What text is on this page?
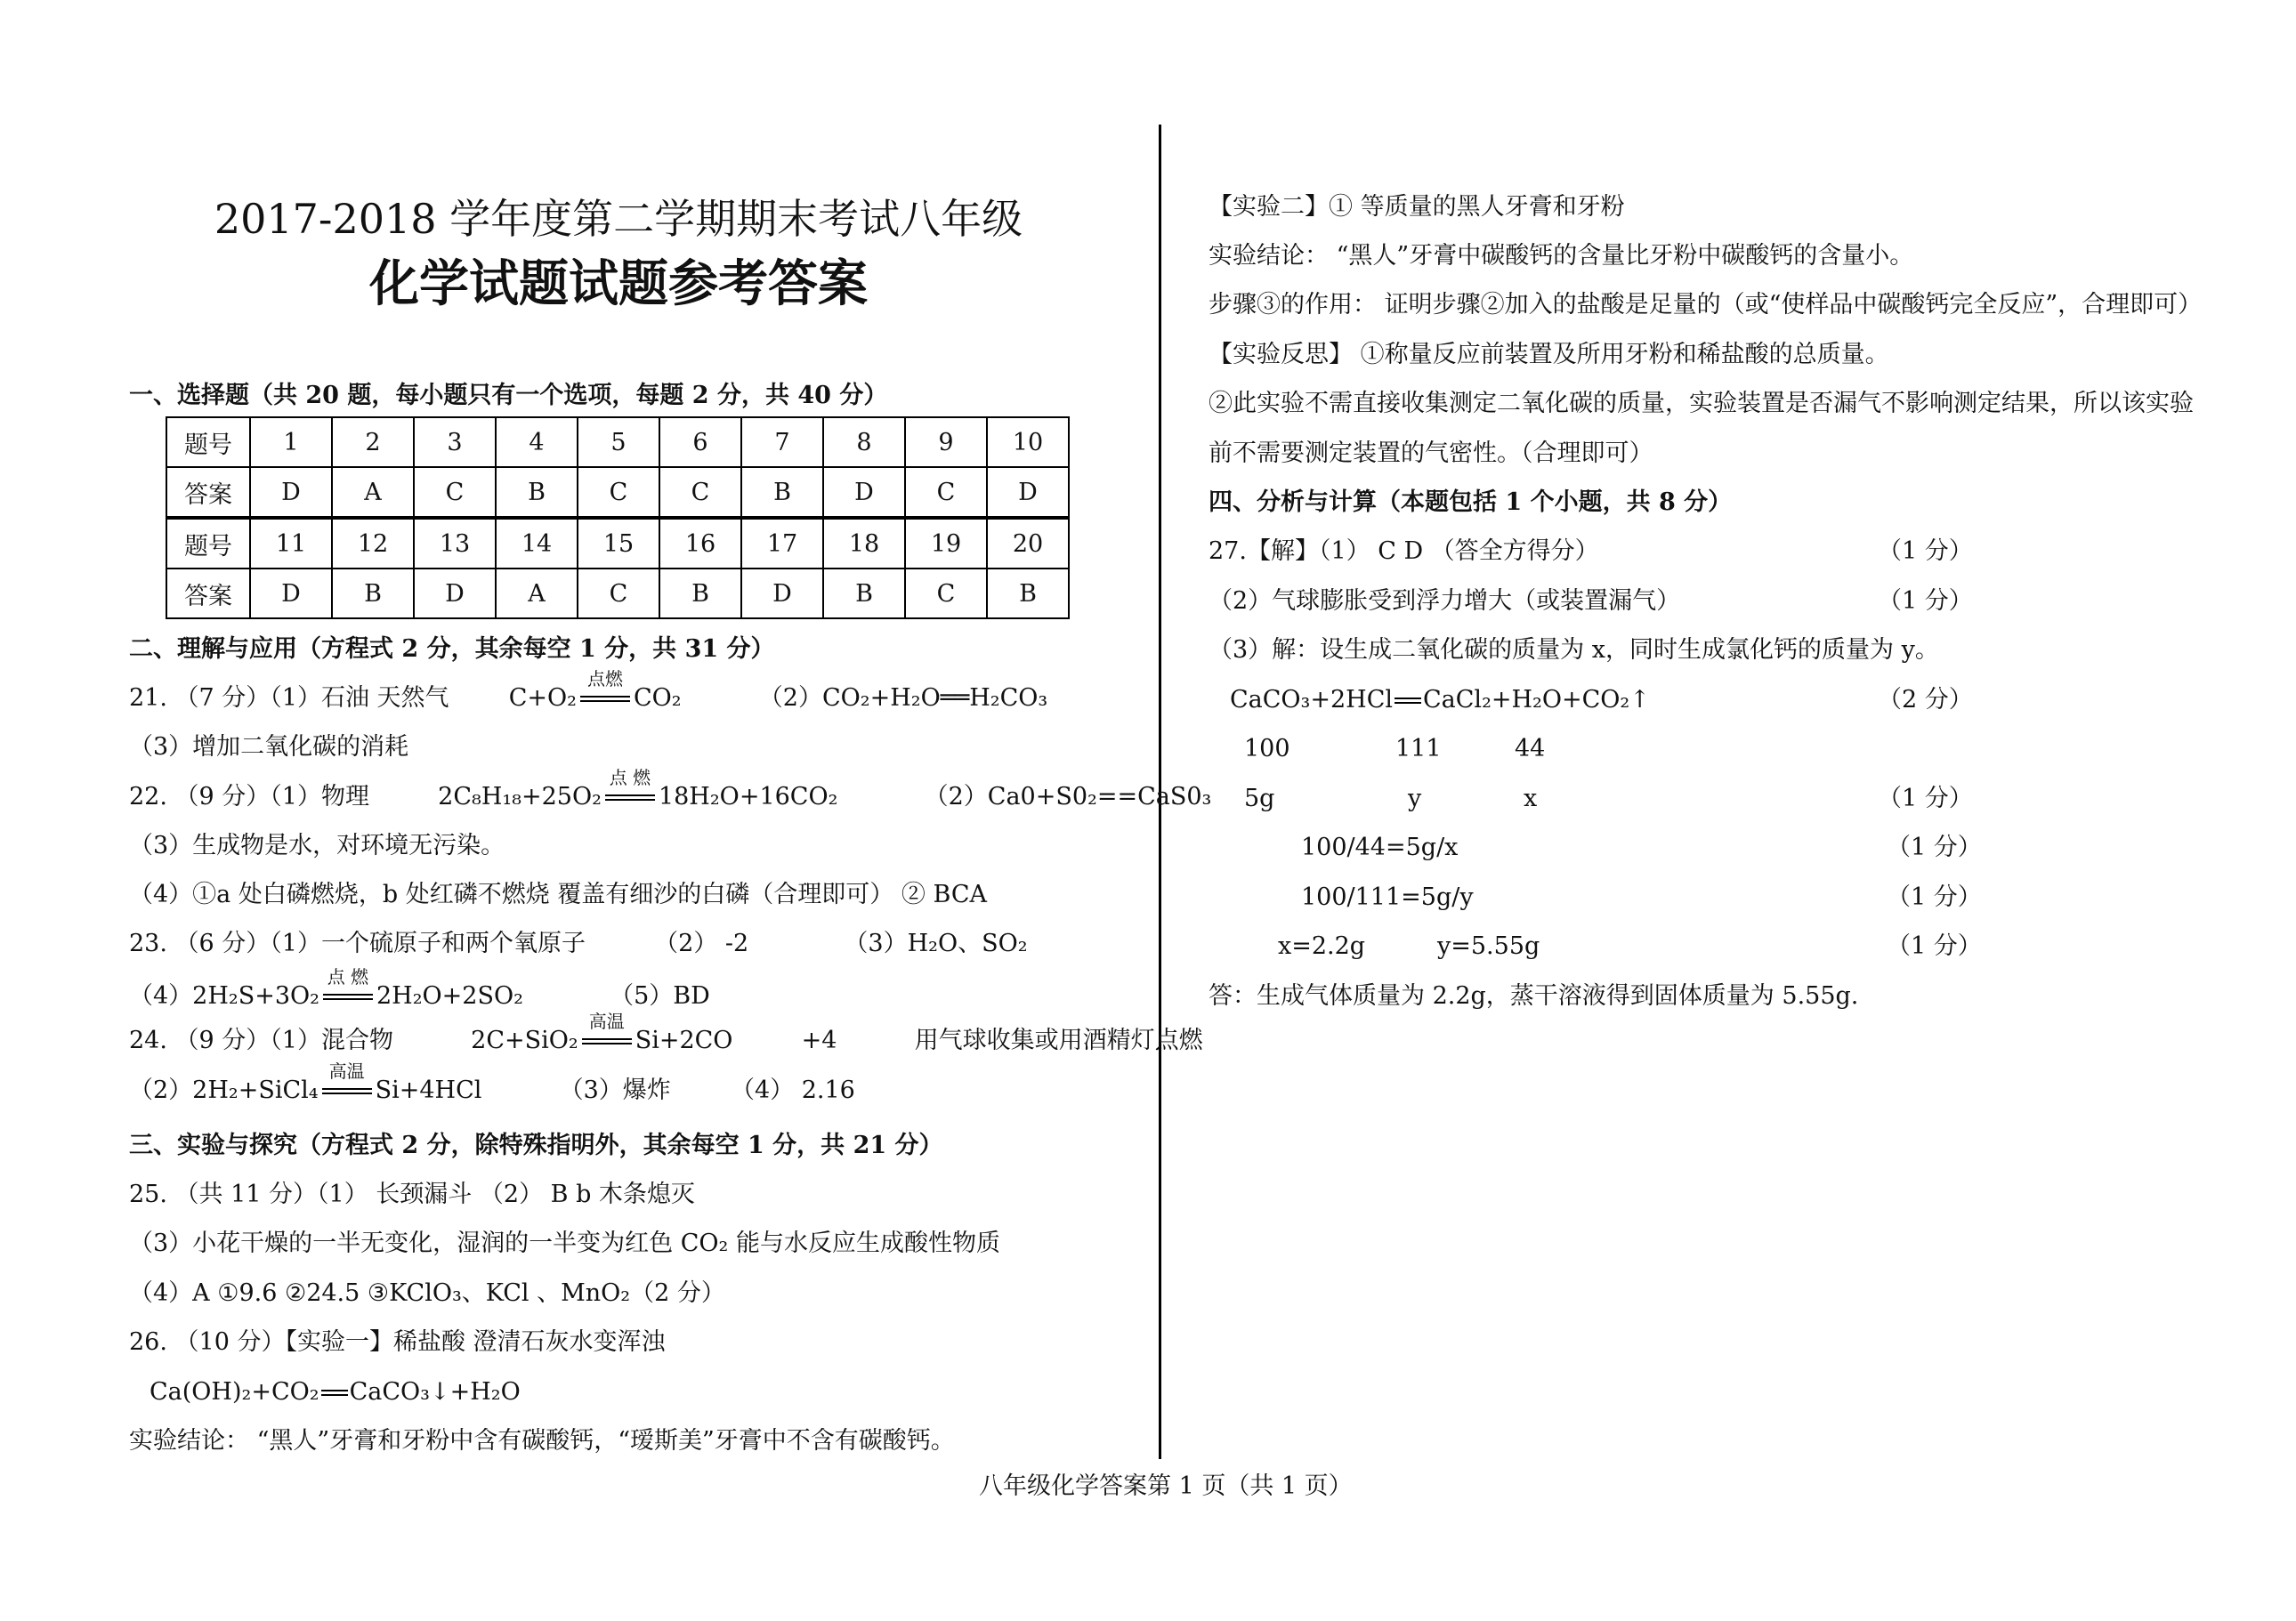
2017-2018 学年度第二学期期末考试八年级
化学试题试题参考答案
一、选择题（共 20 题，每小题只有一个选项，每题 2 分，共 40 分）
题号	1	2	3	4	5	6	7	8	9	10
答案	D	A	C	B	C	C	B	D	C	D
题号	11	12	13	14	15	16	17	18	19	20
答案	D	B	D	A	C	B	D	B	C	B
二、理解与应用（方程式 2 分，其余每空 1 分，共 31 分）
21. （7 分）（1）石油 天然气 C+O₂
点燃
CO₂	（2）CO₂+H₂O══H₂CO₃
（3）增加二氧化碳的消耗
22. （9 分）（1）物理	2C₈H₁₈+25O₂
点 燃
18H₂O+16CO₂	（2）Ca0+S0₂==CaS0₃
（3）生成物是水，对环境无污染。
（4）①a 处白磷燃烧，b 处红磷不燃烧 覆盖有细沙的白磷（合理即可） ② BCA
23. （6 分）（1）一个硫原子和两个氧原子	（2） -2	（3）H₂O、SO₂
（4）2H₂S+3O₂
点 燃
2H₂O+2SO₂	（5）BD
24. （9 分）（1）混合物	2C+SiO₂
高温
Si+2CO	+4	用气球收集或用酒精灯点燃
（2）2H₂+SiCl₄
高温
Si+4HCl	（3）爆炸 （4） 2.16
三、实验与探究（方程式 2 分，除特殊指明外，其余每空 1 分，共 21 分）
25. （共 11 分）（1） 长颈漏斗 （2） B b 木条熄灭
（3）小花干燥的一半无变化，湿润的一半变为红色 CO₂ 能与水反应生成酸性物质
（4）A ①9.6 ②24.5 ③KClO₃、KCl 、MnO₂（2 分）
26. （10 分）【实验一】稀盐酸 澄清石灰水变浑浊
Ca(OH)₂+CO₂ CaCO₃↓+H₂O
实验结论： “黑人”牙膏和牙粉中含有碳酸钙，“瑷斯美”牙膏中不含有碳酸钙。
【实验二】① 等质量的黑人牙膏和牙粉
实验结论： “黑人”牙膏中碳酸钙的含量比牙粉中碳酸钙的含量小。
步骤③的作用： 证明步骤②加入的盐酸是足量的（或“使样品中碳酸钙完全反应”，合理即可）
【实验反思】 ①称量反应前装置及所用牙粉和稀盐酸的总质量。
②此实验不需直接收集测定二氧化碳的质量，实验装置是否漏气不影响测定结果，所以该实验
前不需要测定装置的气密性。（合理即可）
四、分析与计算（本题包括 1 个小题，共 8 分）
27.【解】（1） C D （答全方得分）	（1 分）
（2）气球膨胀受到浮力增大（或装置漏气）	（1 分）
（3）解：设生成二氧化碳的质量为 x，同时生成氯化钙的质量为 y。
CaCO₃+2HCl CaCl₂+H₂O+CO₂↑	（2 分）
100	111	44
5g	y	x	（1 分）
100/44=5g/x	（1 分）
100/111=5g/y	（1 分）
x=2.2g	y=5.55g	（1 分）
答：生成气体质量为 2.2g，蒸干溶液得到固体质量为 5.55g.
八年级化学答案第 1 页（共 1 页）
